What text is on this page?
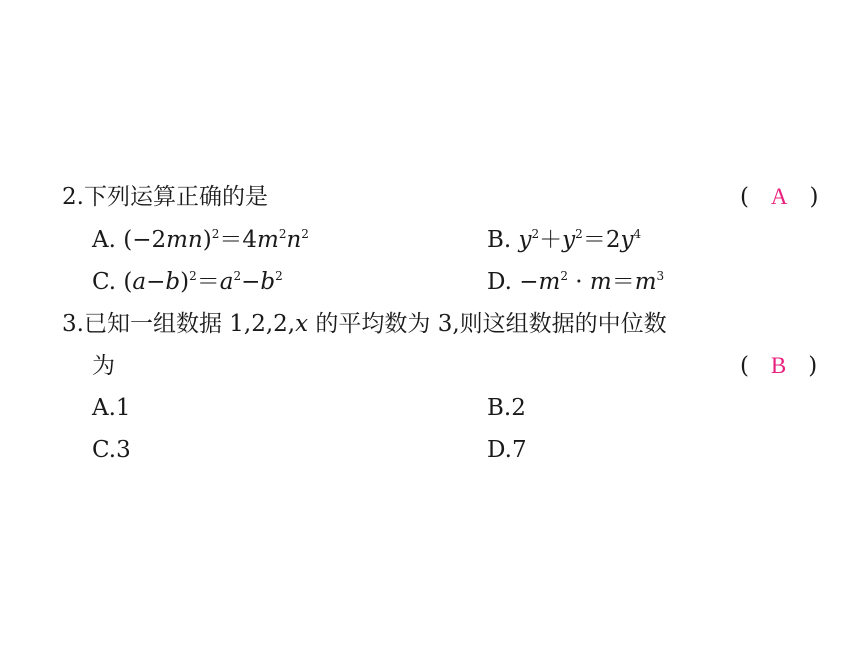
2.下列运算正确的是	( A )
A. $(-2mn)^2=4m^2n^2$	B. $y^2+y^2=2y^4$
C. $(a-b)^2=a^2-b^2$	D. $-m^2 \cdot m=m^3$
3.已知一组数据 1,2,2,x 的平均数为 3,则这组数据的中位数
为	( B )
A.1	B.2
C.3	D.7
